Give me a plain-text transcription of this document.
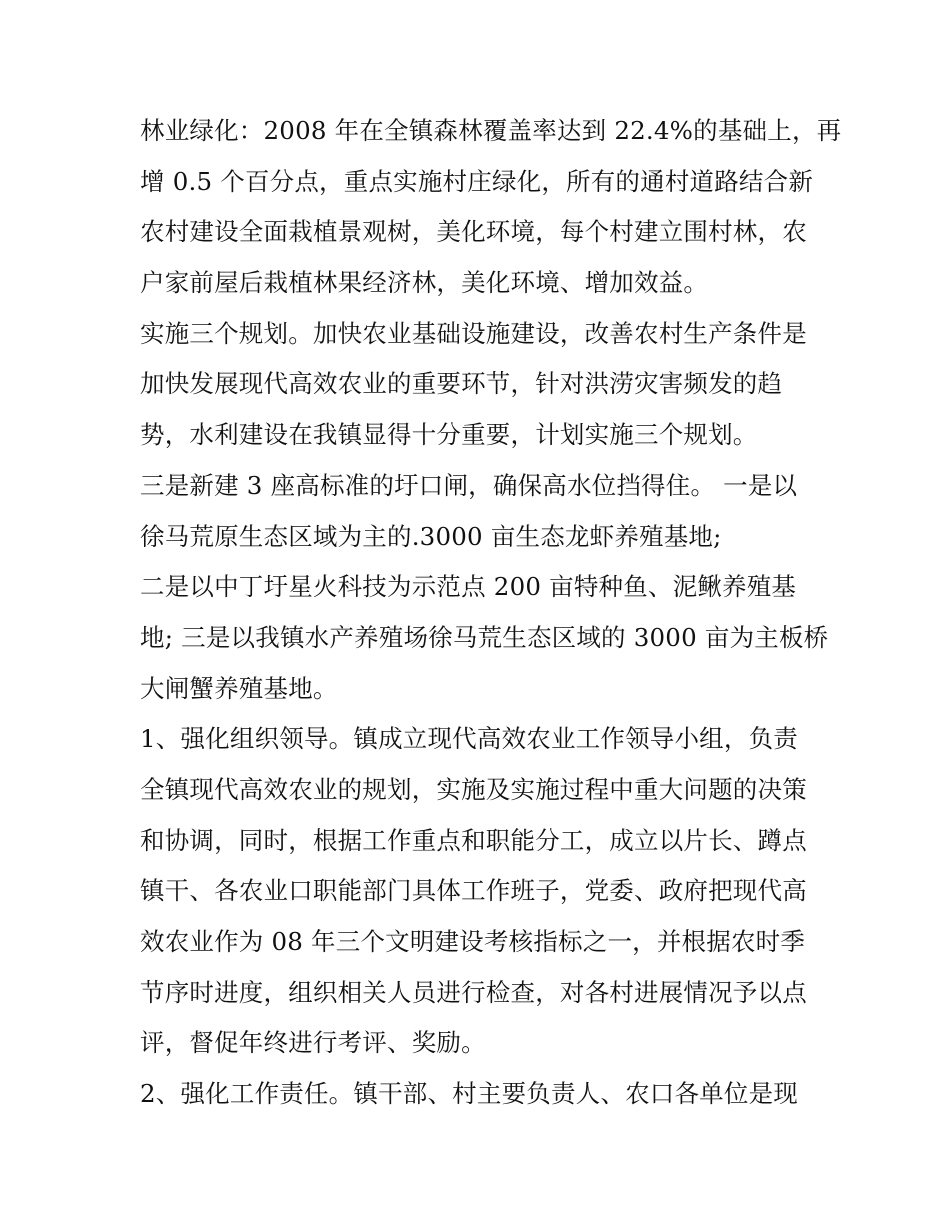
林业绿化：2008 年在全镇森林覆盖率达到 22.4%的基础上，再
增 0.5 个百分点，重点实施村庄绿化，所有的通村道路结合新
农村建设全面栽植景观树，美化环境，每个村建立围村林，农
户家前屋后栽植林果经济林，美化环境、增加效益。
实施三个规划。加快农业基础设施建设，改善农村生产条件是
加快发展现代高效农业的重要环节，针对洪涝灾害频发的趋
势，水利建设在我镇显得十分重要，计划实施三个规划。
三是新建 3 座高标准的圩口闸，确保高水位挡得住。 一是以
徐马荒原生态区域为主的.3000 亩生态龙虾养殖基地;
二是以中丁圩星火科技为示范点 200 亩特种鱼、泥鳅养殖基
地; 三是以我镇水产养殖场徐马荒生态区域的 3000 亩为主板桥
大闸蟹养殖基地。
1、强化组织领导。镇成立现代高效农业工作领导小组，负责
全镇现代高效农业的规划，实施及实施过程中重大问题的决策
和协调，同时，根据工作重点和职能分工，成立以片长、蹲点
镇干、各农业口职能部门具体工作班子，党委、政府把现代高
效农业作为 08 年三个文明建设考核指标之一，并根据农时季
节序时进度，组织相关人员进行检查，对各村进展情况予以点
评，督促年终进行考评、奖励。
2、强化工作责任。镇干部、村主要负责人、农口各单位是现
